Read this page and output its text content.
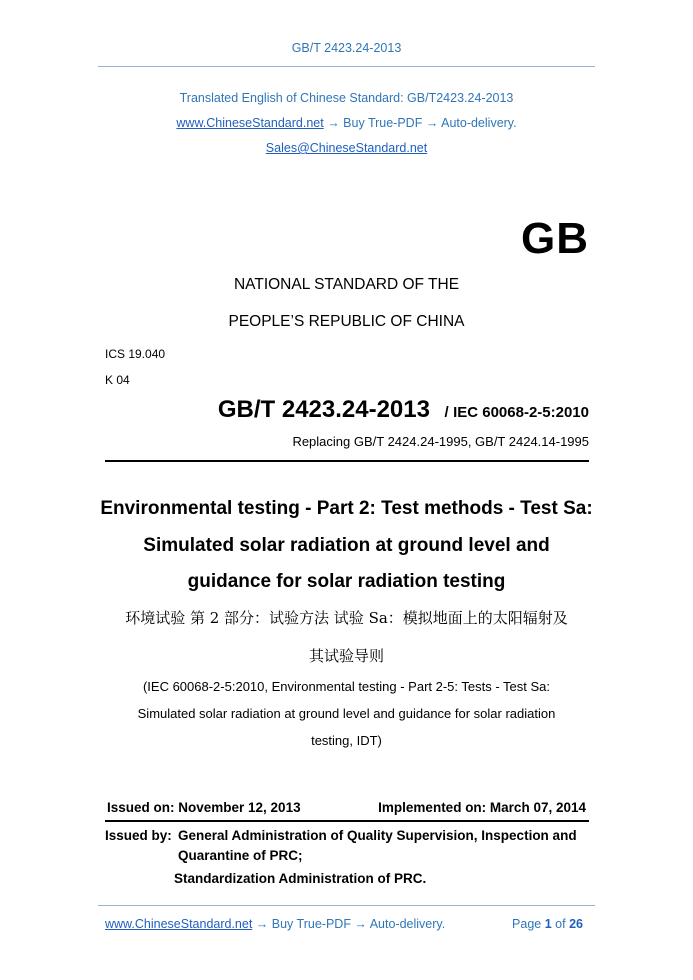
GB/T 2423.24-2013
Translated English of Chinese Standard: GB/T2423.24-2013
www.ChineseStandard.net → Buy True-PDF → Auto-delivery.
Sales@ChineseStandard.net
GB
NATIONAL STANDARD OF THE
PEOPLE’S REPUBLIC OF CHINA
ICS 19.040
K 04
GB/T 2423.24-2013 / IEC 60068-2-5:2010
Replacing GB/T 2424.24-1995, GB/T 2424.14-1995
Environmental testing - Part 2: Test methods - Test Sa:
Simulated solar radiation at ground level and
guidance for solar radiation testing
环境试验 第 2 部分：试验方法 试验 Sa：模拟地面上的太阳辐射及
其试验导则
(IEC 60068-2-5:2010, Environmental testing - Part 2-5: Tests - Test Sa:
Simulated solar radiation at ground level and guidance for solar radiation
testing, IDT)
Issued on: November 12, 2013	Implemented on: March 07, 2014
Issued by: General Administration of Quality Supervision, Inspection and
Quarantine of PRC;
Standardization Administration of PRC.
www.ChineseStandard.net → Buy True-PDF → Auto-delivery.	Page 1 of 26
